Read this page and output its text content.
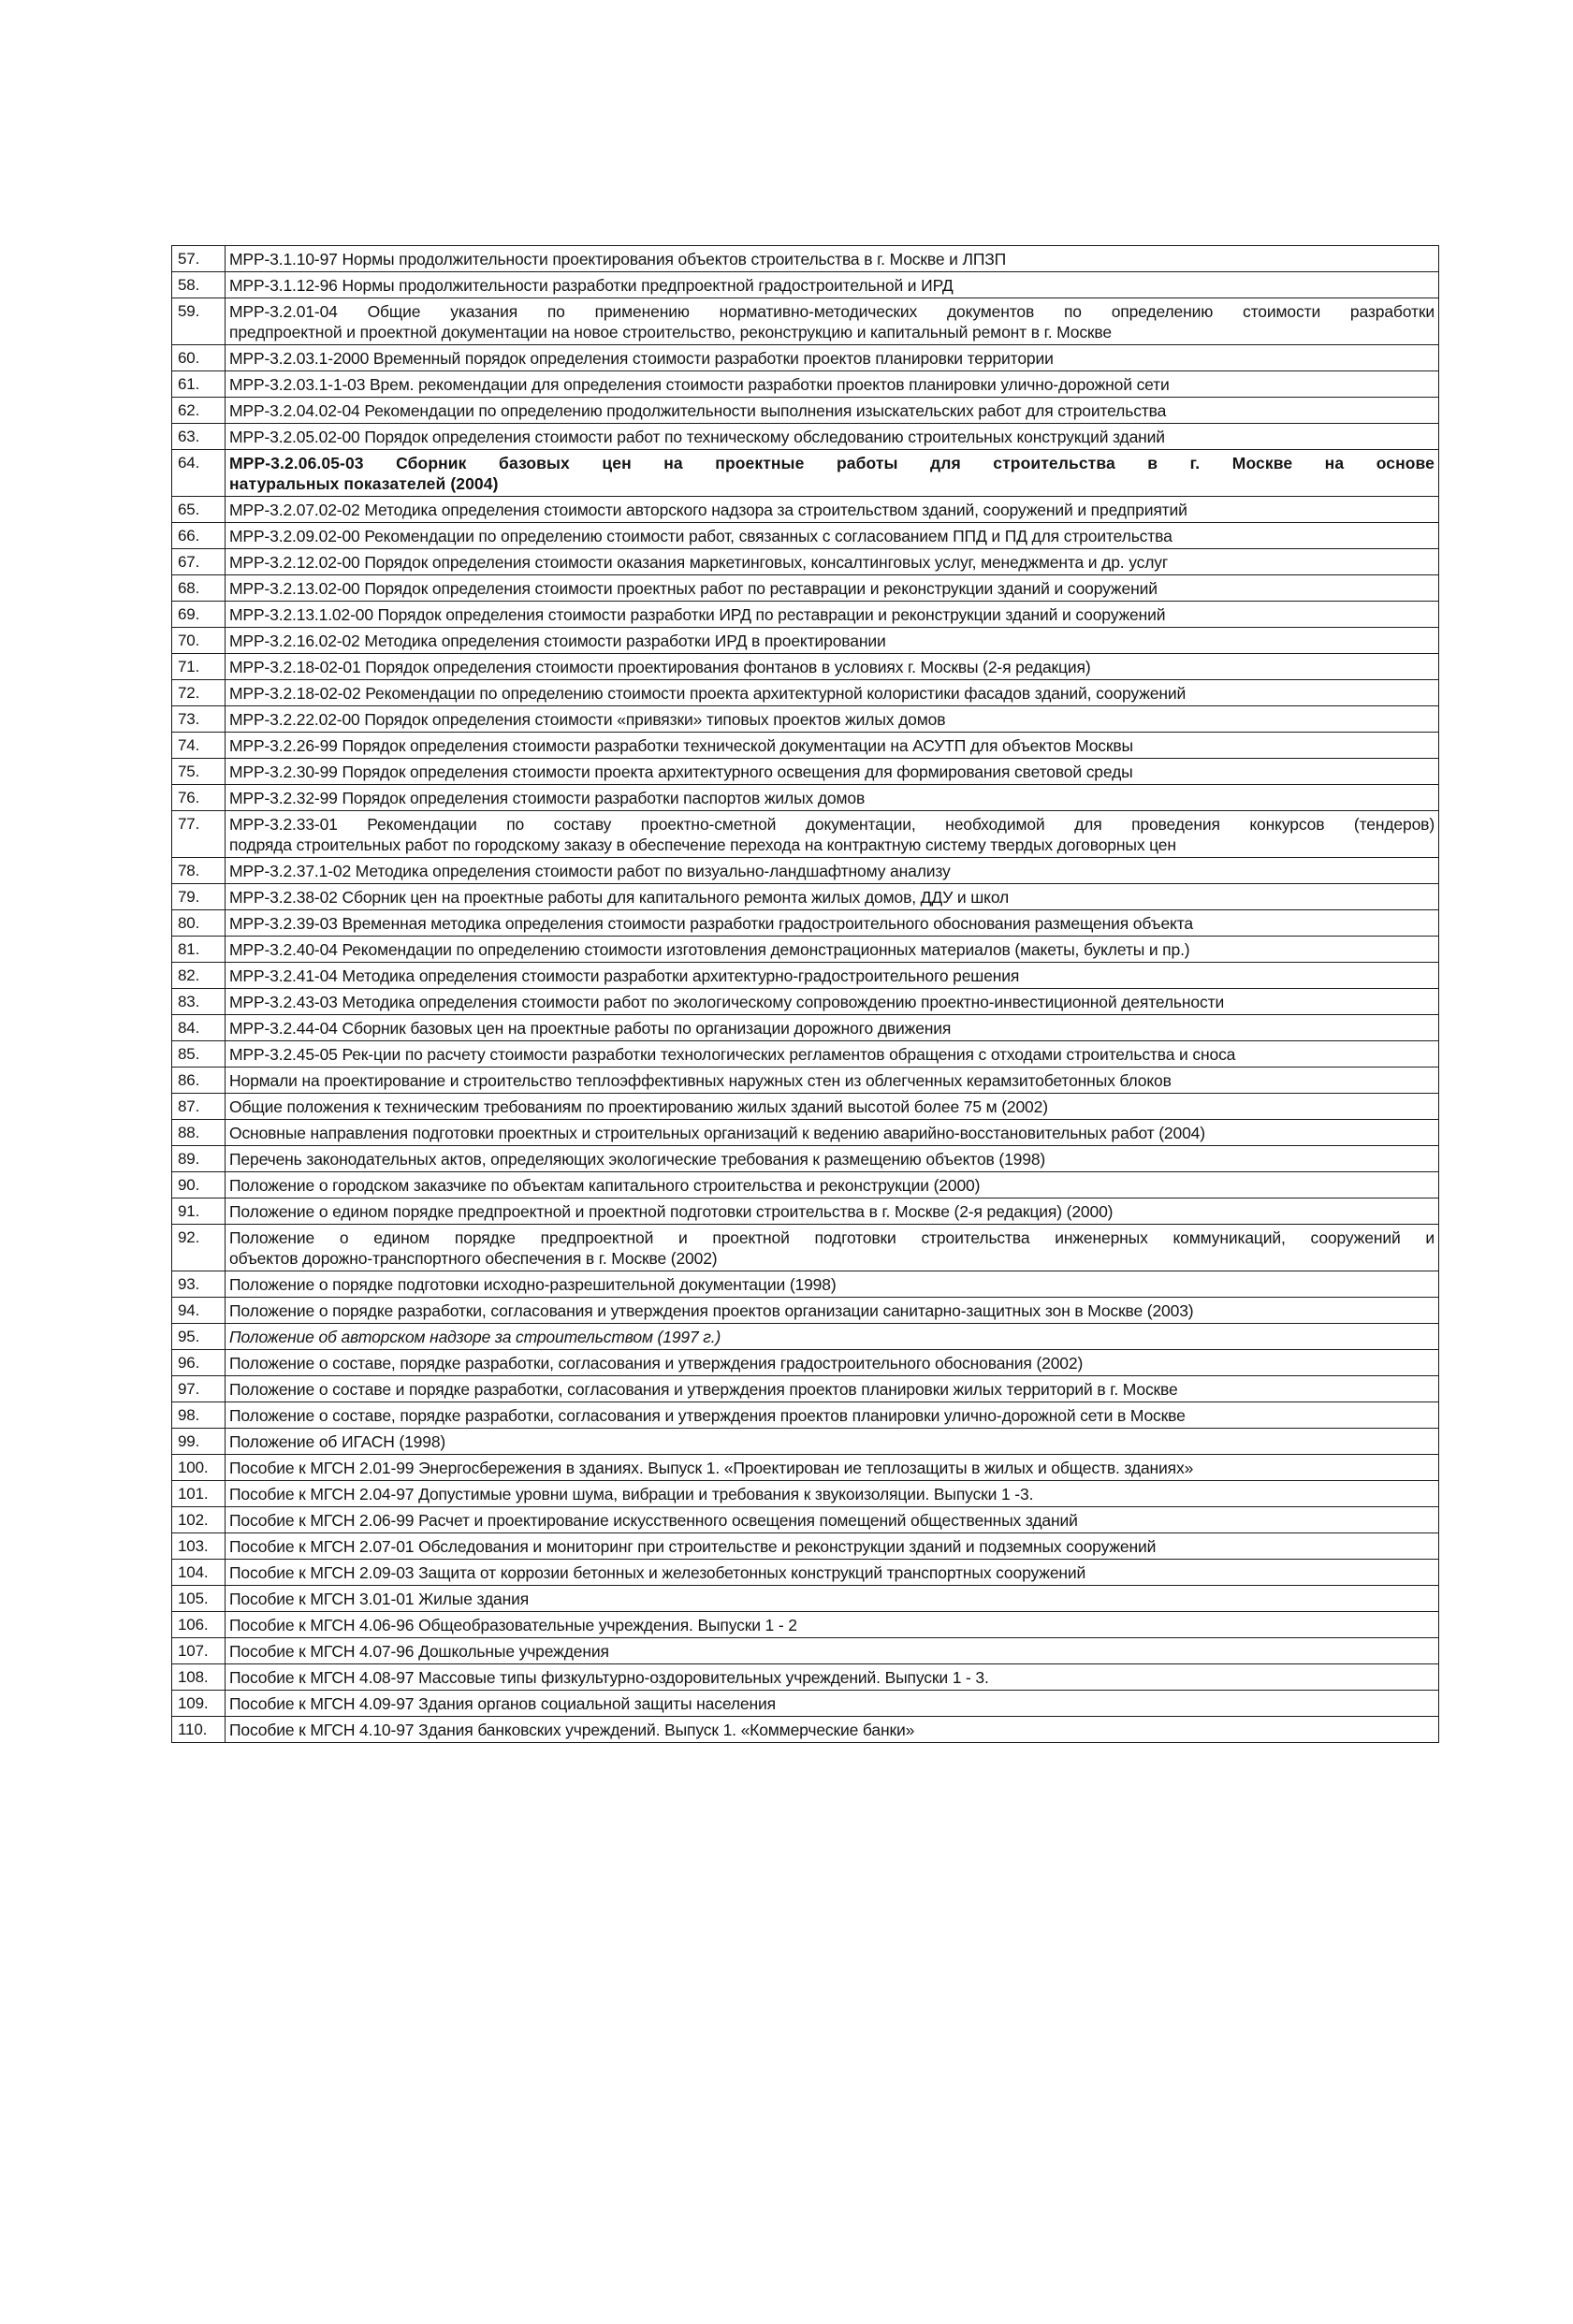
57.	МРР-3.1.10-97 Нормы продолжительности проектирования объектов строительства в г. Москве и ЛПЗП

58.	МРР-3.1.12-96 Нормы продолжительности разработки предпроектной градостроительной и ИРД

59.	МРР-3.2.01-04 Общие указания по применению нормативно-методических документов по определению стоимости разработки
предпроектной и проектной документации на новое строительство, реконструкцию и капитальный ремонт в г. Москве

60.	МРР-3.2.03.1-2000 Временный порядок определения стоимости разработки проектов планировки территории

61.	МРР-3.2.03.1-1-03 Врем. рекомендации для определения стоимости разработки проектов планировки улично-дорожной сети

62.	МРР-3.2.04.02-04 Рекомендации по определению продолжительности выполнения изыскательских работ для строительства

63.	МРР-3.2.05.02-00 Порядок определения стоимости работ по техническому обследованию строительных конструкций зданий

64.	МРР-3.2.06.05-03 Сборник базовых цен на проектные работы для строительства в г. Москве на основе
натуральных показателей (2004)

65.	МРР-3.2.07.02-02 Методика определения стоимости авторского надзора за строительством зданий, сооружений и предприятий

66.	МРР-3.2.09.02-00 Рекомендации по определению стоимости работ, связанных с согласованием ППД и ПД для строительства

67.	МРР-3.2.12.02-00 Порядок определения стоимости оказания маркетинговых, консалтинговых услуг, менеджмента и др. услуг

68.	МРР-3.2.13.02-00 Порядок определения стоимости проектных работ по реставрации и реконструкции зданий и сооружений

69.	МРР-3.2.13.1.02-00 Порядок определения стоимости разработки ИРД по реставрации и реконструкции зданий и сооружений

70.	МРР-3.2.16.02-02 Методика определения стоимости разработки ИРД в проектировании

71.	МРР-3.2.18-02-01 Порядок определения стоимости проектирования фонтанов в условиях г. Москвы (2-я редакция)

72.	МРР-3.2.18-02-02 Рекомендации по определению стоимости проекта архитектурной колористики фасадов зданий, сооружений

73.	МРР-3.2.22.02-00 Порядок определения стоимости «привязки» типовых проектов жилых домов

74.	МРР-3.2.26-99 Порядок определения стоимости разработки технической документации на АСУТП для объектов Москвы

75.	МРР-3.2.30-99 Порядок определения стоимости проекта архитектурного освещения для формирования световой среды

76.	МРР-3.2.32-99 Порядок определения стоимости разработки паспортов жилых домов

77.	МРР-3.2.33-01 Рекомендации по составу проектно-сметной документации, необходимой для проведения конкурсов (тендеров)
подряда строительных работ по городскому заказу в обеспечение перехода на контрактную систему твердых договорных цен

78.	МРР-3.2.37.1-02 Методика определения стоимости работ по визуально-ландшафтному анализу

79.	МРР-3.2.38-02 Сборник цен на проектные работы для капитального ремонта жилых домов, ДДУ и школ

80.	МРР-3.2.39-03 Временная методика определения стоимости разработки градостроительного обоснования размещения объекта

81.	МРР-3.2.40-04 Рекомендации по определению стоимости изготовления демонстрационных материалов (макеты, буклеты и пр.)

82.	МРР-3.2.41-04 Методика определения стоимости разработки архитектурно-градостроительного решения

83.	МРР-3.2.43-03 Методика определения стоимости работ по экологическому сопровождению проектно-инвестиционной деятельности

84.	МРР-3.2.44-04 Сборник базовых цен на проектные работы по организации дорожного движения

85.	МРР-3.2.45-05 Рек-ции по расчету стоимости разработки технологических регламентов обращения с отходами строительства и сноса

86.	Нормали на проектирование и строительство теплоэффективных наружных стен из облегченных керамзитобетонных блоков

87.	Общие положения к техническим требованиям по проектированию жилых зданий высотой более 75 м (2002)

88.	Основные направления подготовки проектных и строительных организаций к ведению аварийно-восстановительных работ (2004)

89.	Перечень законодательных актов, определяющих экологические требования к размещению объектов (1998)

90.	Положение о городском заказчике по объектам капитального строительства и реконструкции (2000)

91.	Положение о едином порядке предпроектной и проектной подготовки строительства в г. Москве (2-я редакция) (2000)

92.	Положение о едином порядке предпроектной и проектной подготовки строительства инженерных коммуникаций, сооружений и
объектов дорожно-транспортного обеспечения в г. Москве (2002)

93.	Положение о порядке подготовки исходно-разрешительной документации (1998)

94.	Положение о порядке разработки, согласования и утверждения проектов организации санитарно-защитных зон в Москве (2003)

95.	Положение об авторском надзоре за строительством (1997 г.)

96.	Положение о составе, порядке разработки, согласования и утверждения градостроительного обоснования (2002)

97.	Положение о составе и порядке разработки, согласования и утверждения проектов планировки жилых территорий в г. Москве

98.	Положение о составе, порядке разработки, согласования и утверждения проектов планировки улично-дорожной сети в Москве

99.	Положение об ИГАСН (1998)

100.	Пособие к МГСН 2.01-99 Энергосбережения в зданиях. Выпуск 1. «Проектирован ие теплозащиты в жилых и обществ. зданиях»

101.	Пособие к МГСН 2.04-97 Допустимые уровни шума, вибрации и требования к звукоизоляции. Выпуски 1 -3.

102.	Пособие к МГСН 2.06-99 Расчет и проектирование искусственного освещения помещений общественных зданий

103.	Пособие к МГСН 2.07-01 Обследования и мониторинг при строительстве и реконструкции зданий и подземных сооружений

104.	Пособие к МГСН 2.09-03 Защита от коррозии бетонных и железобетонных конструкций транспортных сооружений

105.	Пособие к МГСН 3.01-01 Жилые здания

106.	Пособие к МГСН 4.06-96 Общеобразовательные учреждения. Выпуски 1 - 2

107.	Пособие к МГСН 4.07-96 Дошкольные учреждения

108.	Пособие к МГСН 4.08-97 Массовые типы физкультурно-оздоровительных учреждений. Выпуски 1 - 3.

109.	Пособие к МГСН 4.09-97 Здания органов социальной защиты населения

110.	Пособие к МГСН 4.10-97 Здания банковских учреждений. Выпуск 1. «Коммерческие банки»
